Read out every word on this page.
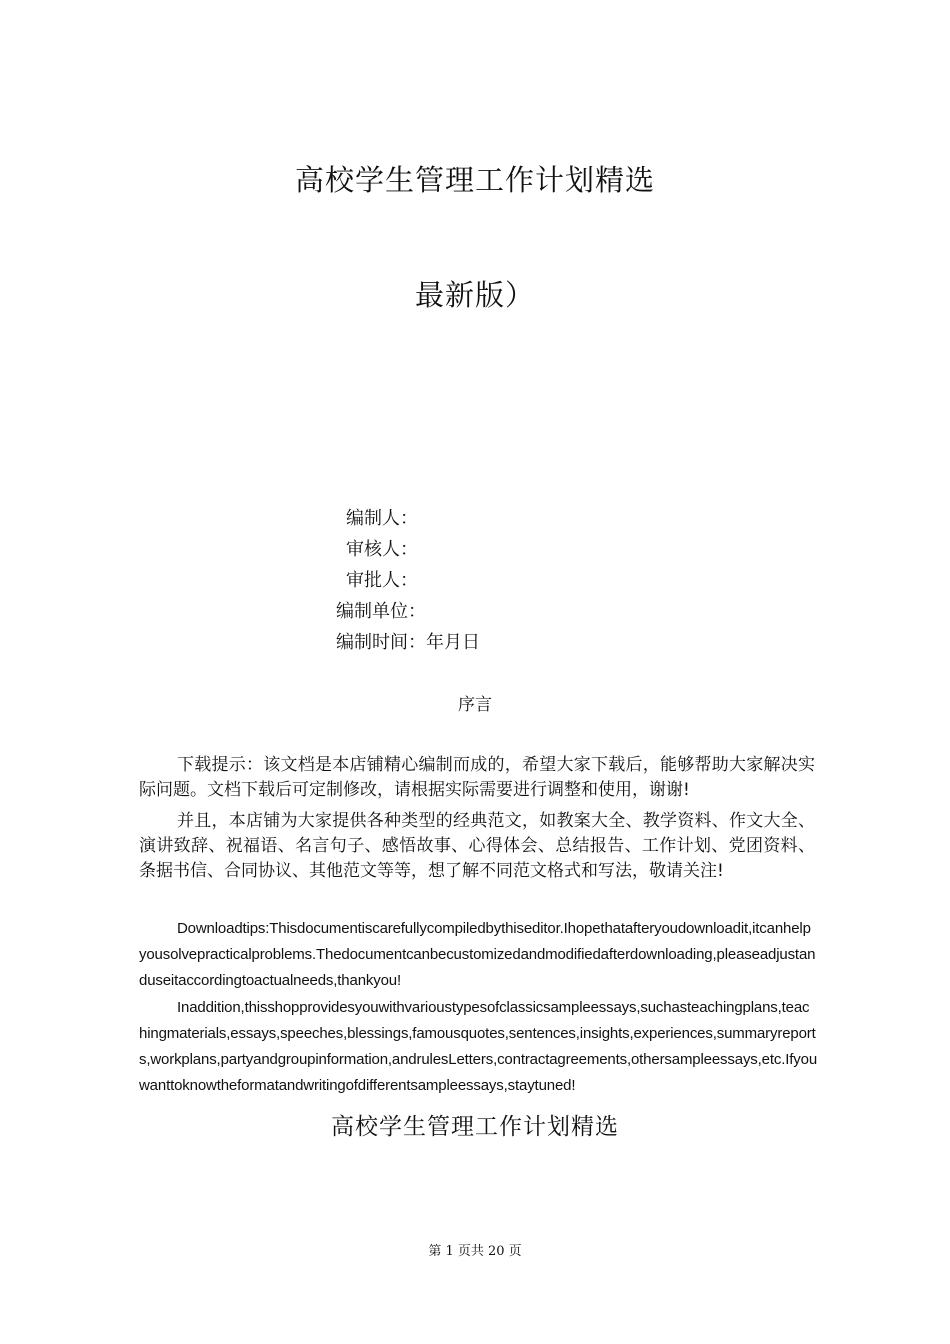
高校学生管理工作计划精选
最新版）
编制人：
审核人：
审批人：
编制单位：
编制时间：年月日
序言

下载提示：该文档是本店铺精心编制而成的，希望大家下载后，能够帮助大家解决实际问题。文档下载后可定制修改，请根据实际需要进行调整和使用，谢谢!

并且，本店铺为大家提供各种类型的经典范文，如教案大全、教学资料、作文大全、演讲致辞、祝福语、名言句子、感悟故事、心得体会、总结报告、工作计划、党团资料、条据书信、合同协议、其他范文等等，想了解不同范文格式和写法，敬请关注!

Downloadtips:Thisdocumentiscarefullycompiledbythiseditor.Ihopethatafteryoudownloadit,itcanhelpyousolvepracticalproblems.Thedocumentcanbecustomizedandmodifiedafterdownloading,pleaseadjustanduseitaccordingtoactualneeds,thankyou!

Inaddition,thisshopprovidesyouwithvarioustypesofclassicsampleessays,suchasteachingplans,teachingmaterials,essays,speeches,blessings,famousquotes,sentences,insights,experiences,summaryreports,workplans,partyandgroupinformation,andrulesLetters,contractagreements,othersampleessays,etc.Ifyouwanttoknowtheformatandwritingofdifferentsampleessays,staytuned!

高校学生管理工作计划精选
第 1 页共 20 页
